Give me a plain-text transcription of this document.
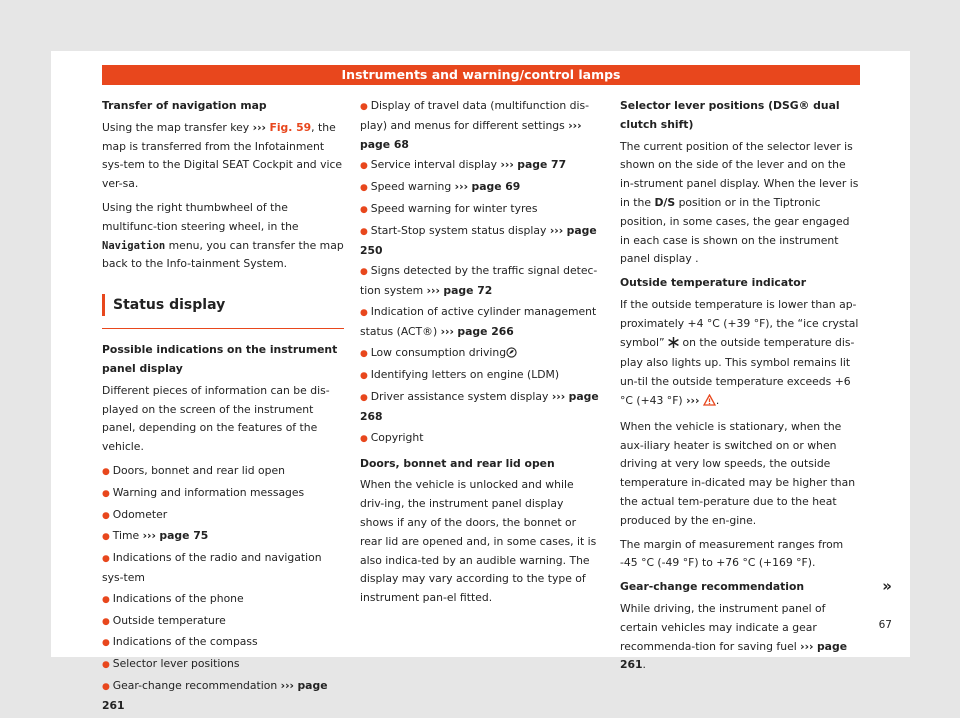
Instruments and warning/control lamps

Transfer of navigation map

Using the map transfer key ››› Fig. 59, the map is transferred from the Infotainment sys-tem to the Digital SEAT Cockpit and vice ver-sa.

Using the right thumbwheel of the multifunc-tion steering wheel, in the Navigation menu, you can transfer the map back to the Info-tainment System.

Status display

Possible indications on the instrument panel display

Different pieces of information can be dis-played on the screen of the instrument panel, depending on the features of the vehicle.

● Doors, bonnet and rear lid open

● Warning and information messages

● Odometer

● Time ››› page 75

● Indications of the radio and navigation sys-tem

● Indications of the phone

● Outside temperature

● Indications of the compass

● Selector lever positions

● Gear-change recommendation ››› page 261

● Display of travel data (multifunction dis-play) and menus for different settings ››› page 68

● Service interval display ››› page 77

● Speed warning ››› page 69

● Speed warning for winter tyres

● Start-Stop system status display ››› page 250

● Signs detected by the traffic signal detec-tion system ››› page 72

● Indication of active cylinder management status (ACT®) ››› page 266

● Low consumption driving

● Identifying letters on engine (LDM)

● Driver assistance system display ››› page 268

● Copyright

Doors, bonnet and rear lid open

When the vehicle is unlocked and while driv-ing, the instrument panel display shows if any of the doors, the bonnet or rear lid are opened and, in some cases, it is also indica-ted by an audible warning. The display may vary according to the type of instrument pan-el fitted.

Selector lever positions (DSG® dual clutch shift)

The current position of the selector lever is shown on the side of the lever and on the in-strument panel display. When the lever is in the D/S position or in the Tiptronic position, in some cases, the gear engaged in each case is shown on the instrument panel display .

Outside temperature indicator

If the outside temperature is lower than ap-proximately +4 °C (+39 °F), the “ice crystal symbol” on the outside temperature dis-play also lights up. This symbol remains lit un-til the outside temperature exceeds +6 °C (+43 °F) ››› .

When the vehicle is stationary, when the aux-iliary heater is switched on or when driving at very low speeds, the outside temperature in-dicated may be higher than the actual tem-perature due to the heat produced by the en-gine.

The margin of measurement ranges from -45 °C (-49 °F) to +76 °C (+169 °F).

Gear-change recommendation

While driving, the instrument panel of certain vehicles may indicate a gear recommenda-tion for saving fuel ››› page 261.

»
67
